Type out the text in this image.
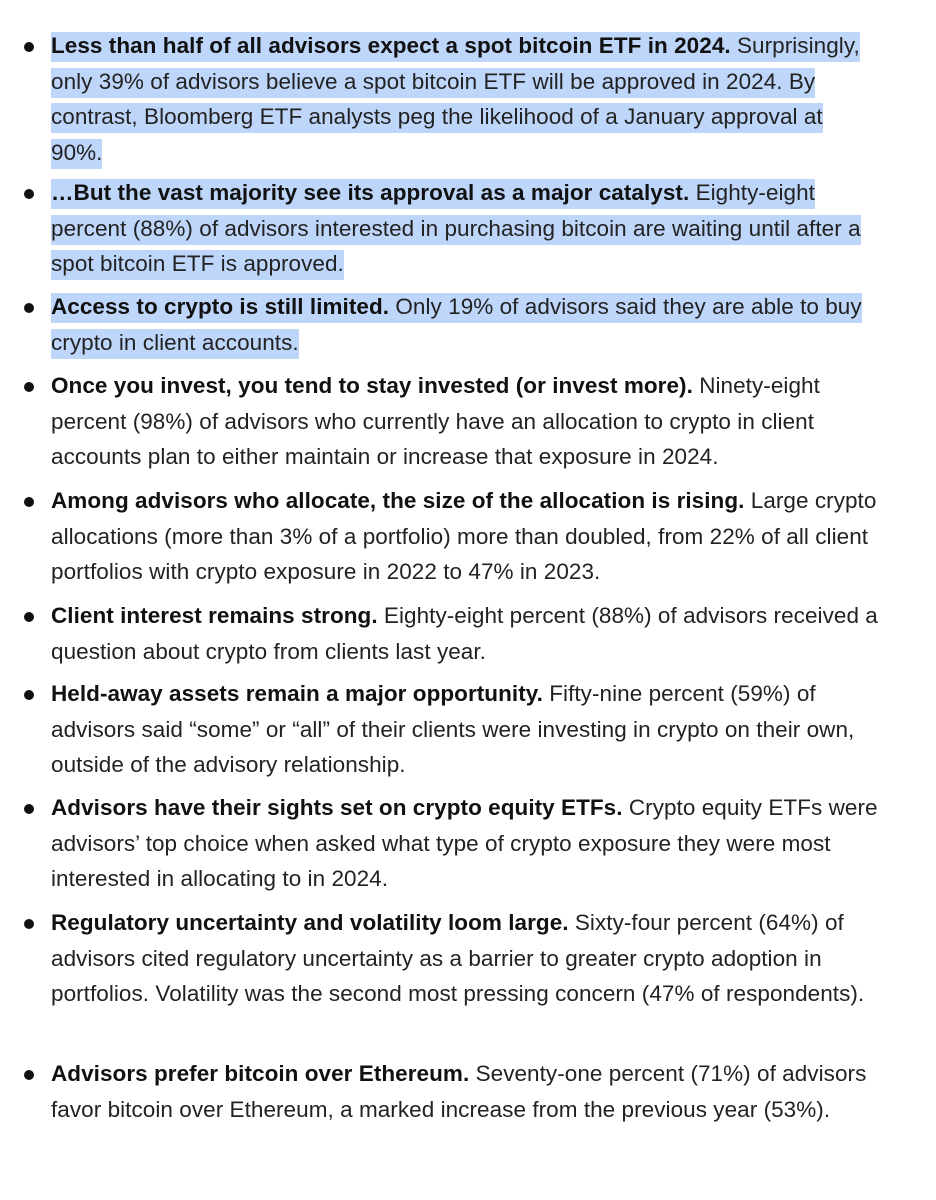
Less than half of all advisors expect a spot bitcoin ETF in 2024. Surprisingly, only 39% of advisors believe a spot bitcoin ETF will be approved in 2024. By contrast, Bloomberg ETF analysts peg the likelihood of a January approval at 90%.
…But the vast majority see its approval as a major catalyst. Eighty-eight percent (88%) of advisors interested in purchasing bitcoin are waiting until after a spot bitcoin ETF is approved.
Access to crypto is still limited. Only 19% of advisors said they are able to buy crypto in client accounts.
Once you invest, you tend to stay invested (or invest more). Ninety-eight percent (98%) of advisors who currently have an allocation to crypto in client accounts plan to either maintain or increase that exposure in 2024.
Among advisors who allocate, the size of the allocation is rising. Large crypto allocations (more than 3% of a portfolio) more than doubled, from 22% of all client portfolios with crypto exposure in 2022 to 47% in 2023.
Client interest remains strong. Eighty-eight percent (88%) of advisors received a question about crypto from clients last year.
Held-away assets remain a major opportunity. Fifty-nine percent (59%) of advisors said “some” or “all” of their clients were investing in crypto on their own, outside of the advisory relationship.
Advisors have their sights set on crypto equity ETFs. Crypto equity ETFs were advisors’ top choice when asked what type of crypto exposure they were most interested in allocating to in 2024.
Regulatory uncertainty and volatility loom large. Sixty-four percent (64%) of advisors cited regulatory uncertainty as a barrier to greater crypto adoption in portfolios. Volatility was the second most pressing concern (47% of respondents).
Advisors prefer bitcoin over Ethereum. Seventy-one percent (71%) of advisors favor bitcoin over Ethereum, a marked increase from the previous year (53%).
